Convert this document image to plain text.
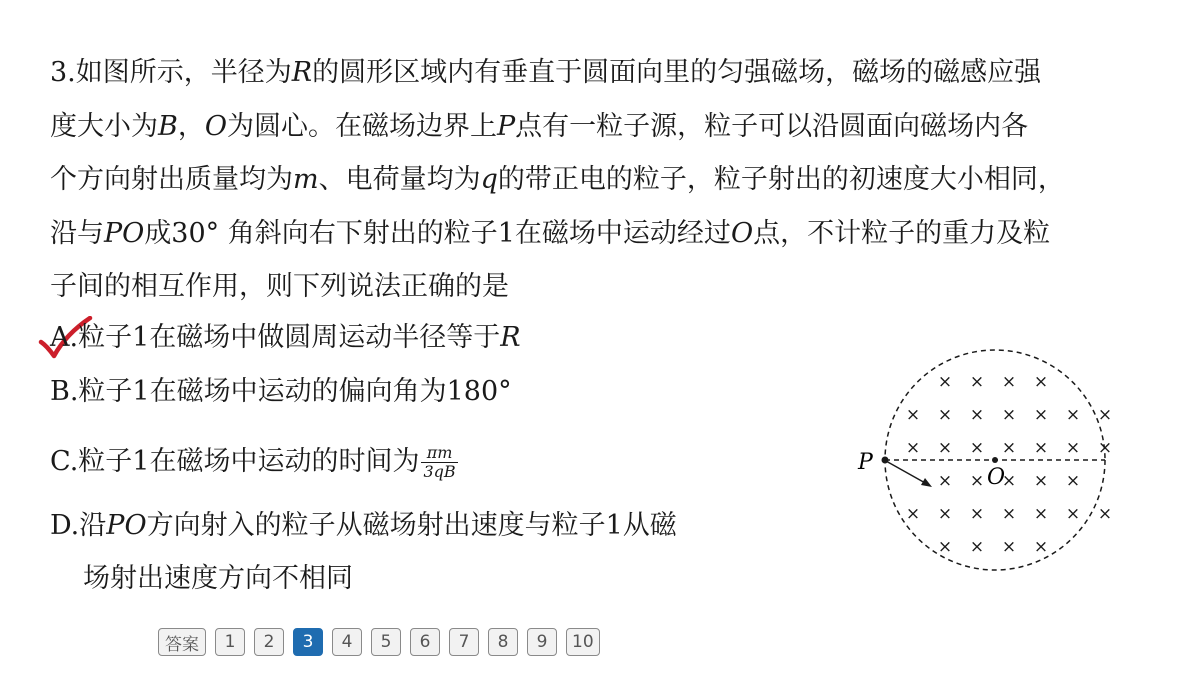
3.如图所示，半径为R的圆形区域内有垂直于圆面向里的匀强磁场，磁场的磁感应强

度大小为B，O为圆心。在磁场边界上P点有一粒子源，粒子可以沿圆面向磁场内各

个方向射出质量均为m、电荷量均为q的带正电的粒子，粒子射出的初速度大小相同，

沿与PO成30° 角斜向右下射出的粒子1在磁场中运动经过O点，不计粒子的重力及粒

子间的相互作用，则下列说法正确的是

A.粒子1在磁场中做圆周运动半径等于R
B.粒子1在磁场中运动的偏向角为180°
C.粒子1在磁场中运动的时间为 $\frac{\pi m}{3qB}$
D.沿PO方向射入的粒子从磁场射出速度与粒子1从磁
场射出速度方向不相同
× × × ×
× × × × × × ×
× × × × × × ×
× × × × ×
× × × × × × ×
× × × ×
P
O
答案	1	2	3	4	5	6	7	8	9	10
